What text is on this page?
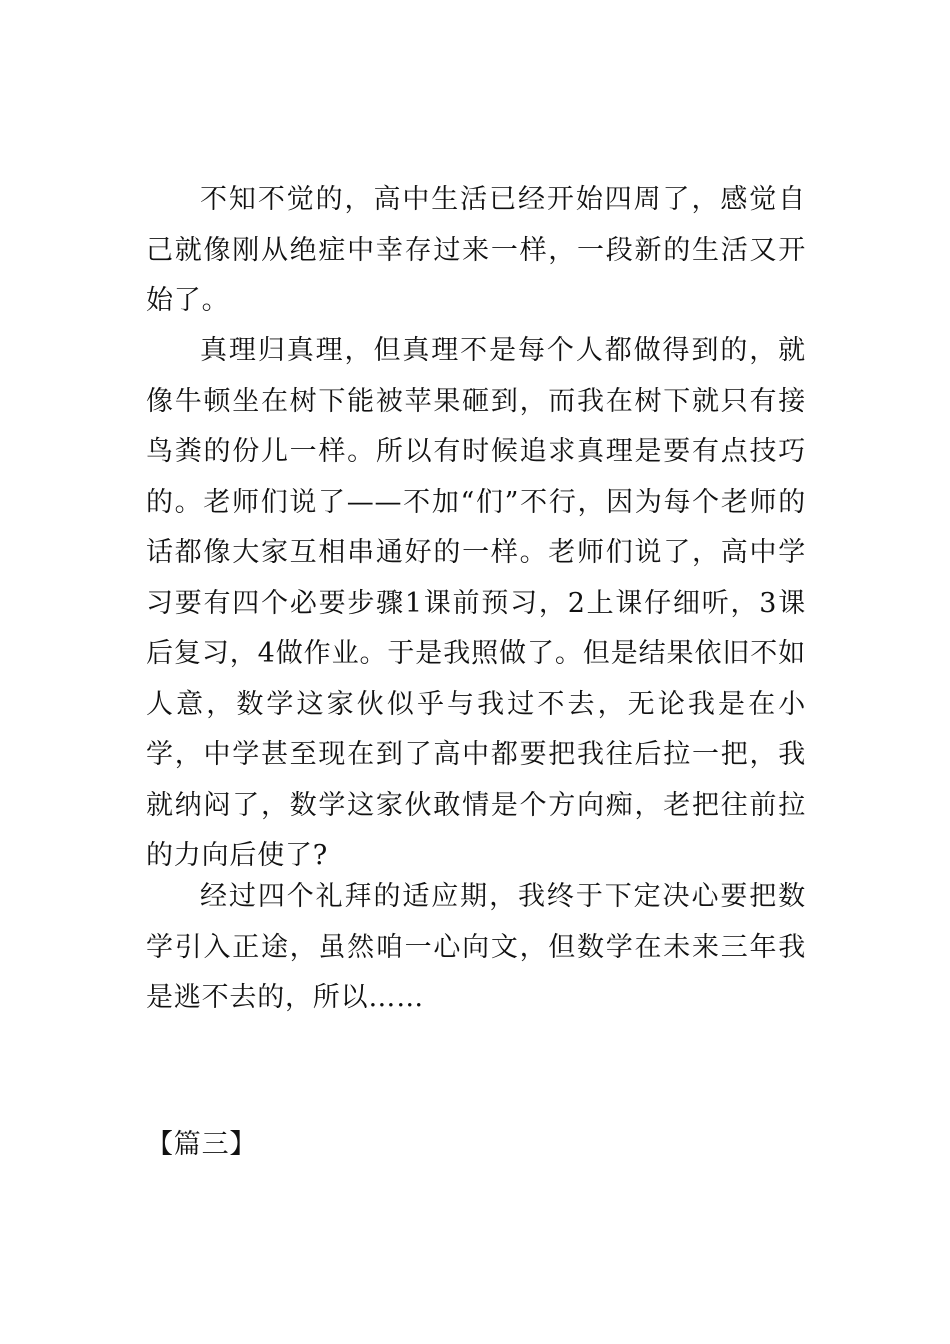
不知不觉的，高中生活已经开始四周了，感觉自己就像刚从绝症中幸存过来一样，一段新的生活又开始了。

真理归真理，但真理不是每个人都做得到的，就像牛顿坐在树下能被苹果砸到，而我在树下就只有接鸟粪的份儿一样。所以有时候追求真理是要有点技巧的。老师们说了——不加“们”不行，因为每个老师的话都像大家互相串通好的一样。老师们说了，高中学习要有四个必要步骤1课前预习，2上课仔细听，3课后复习，4做作业。于是我照做了。但是结果依旧不如人意，数学这家伙似乎与我过不去，无论我是在小学，中学甚至现在到了高中都要把我往后拉一把，我就纳闷了，数学这家伙敢情是个方向痴，老把往前拉的力向后使了?

经过四个礼拜的适应期，我终于下定决心要把数学引入正途，虽然咱一心向文，但数学在未来三年我是逃不去的，所以……

【篇三】
